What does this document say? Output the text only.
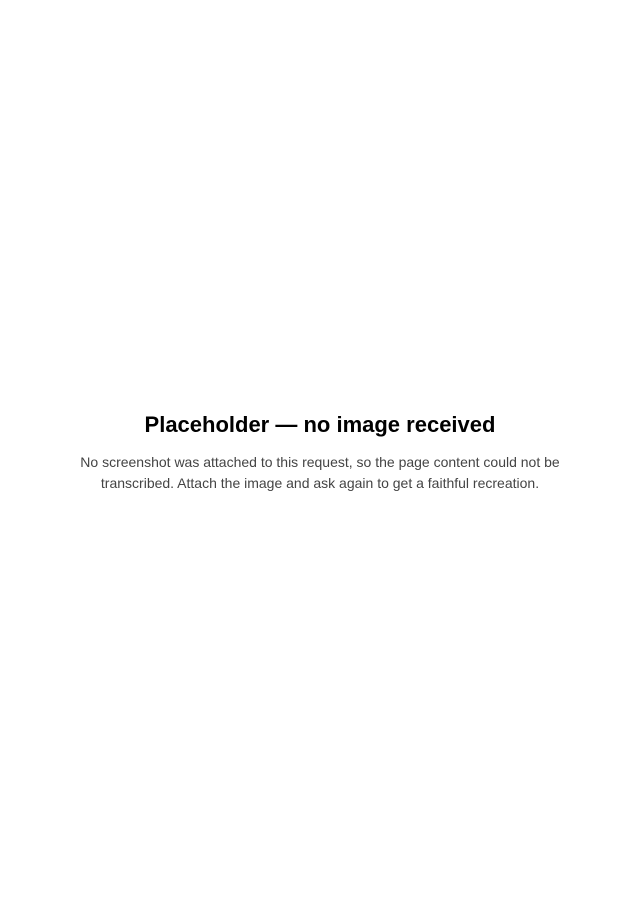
Placeholder — no image received

No screenshot was attached to this request, so the page content could not be transcribed. Attach the image and ask again to get a faithful recreation.
